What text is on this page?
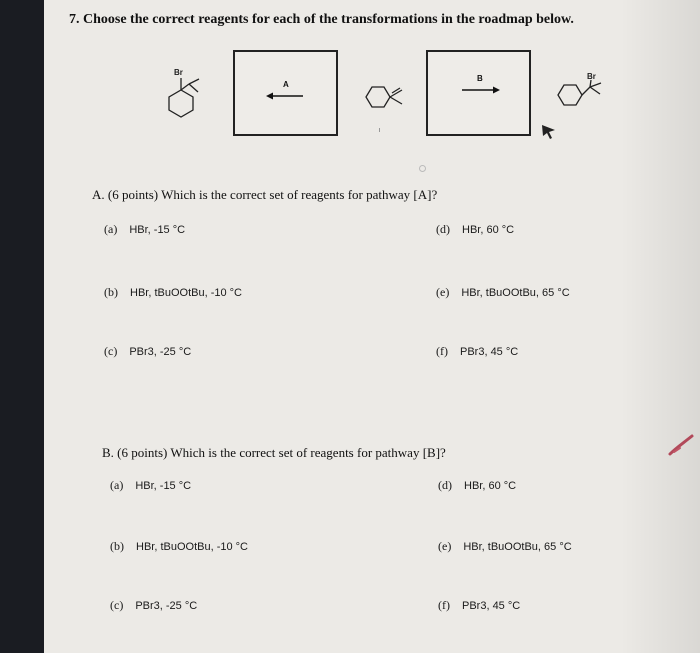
7. Choose the correct reagents for each of the transformations in the roadmap below.
Br
A
B	Br
A. (6 points) Which is the correct set of reagents for pathway [A]?
(a) HBr, -15 °C
(b) HBr, tBuOOtBu, -10 °C
(c) PBr3, -25 °C
(d) HBr, 60 °C
(e) HBr, tBuOOtBu, 65 °C
(f) PBr3, 45 °C
B. (6 points) Which is the correct set of reagents for pathway [B]?
(a) HBr, -15 °C
(b) HBr, tBuOOtBu, -10 °C
(c) PBr3, -25 °C
(d) HBr, 60 °C
(e) HBr, tBuOOtBu, 65 °C
(f) PBr3, 45 °C
